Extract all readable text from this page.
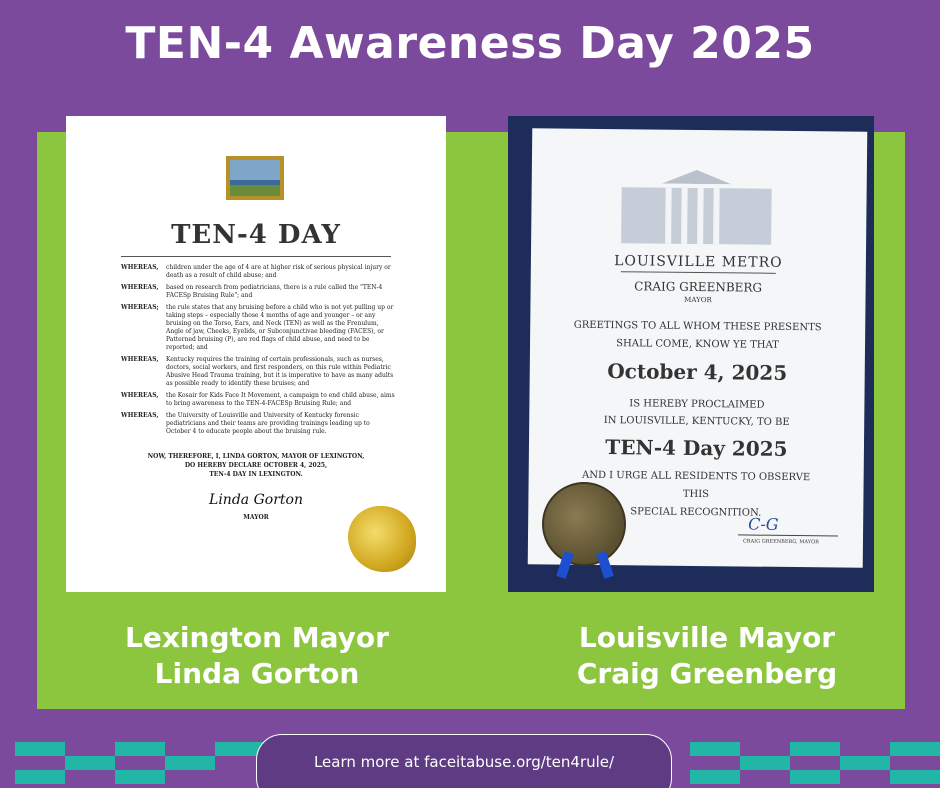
TEN-4 Awareness Day 2025
TEN-4 DAY
WHEREAS,	children under the age of 4 are at higher risk of serious physical injury or death as a result of child abuse; and
WHEREAS,	based on research from pediatricians, there is a rule called the "TEN-4 FACESp Bruising Rule"; and
WHEREAS;	the rule states that any bruising before a child who is not yet pulling up or taking steps – especially those 4 months of age and younger – or any bruising on the Torso, Ears, and Neck (TEN) as well as the Frenulum, Angle of jaw, Cheeks, Eyelids, or Subconjunctivae bleeding (FACES), or Patterned bruising (P), are red flags of child abuse, and need to be reported; and
WHEREAS,	Kentucky requires the training of certain professionals, such as nurses, doctors, social workers, and first responders, on this rule within Pediatric Abusive Head Trauma training, but it is imperative to have as many adults as possible ready to identify these bruises; and
WHEREAS,	the Kosair for Kids Face It Movement, a campaign to end child abuse, aims to bring awareness to the TEN-4-FACESp Bruising Rule; and
WHEREAS,	the University of Louisville and University of Kentucky forensic pediatricians and their teams are providing trainings leading up to October 4 to educate people about the bruising rule.
NOW, THEREFORE, I, LINDA GORTON, MAYOR OF LEXINGTON,
DO HEREBY DECLARE OCTOBER 4, 2025,
TEN-4 DAY IN LEXINGTON.
Linda Gorton
MAYOR
LOUISVILLE METRO
CRAIG GREENBERG
MAYOR
GREETINGS TO ALL WHOM THESE PRESENTS
SHALL COME, KNOW YE THAT
October 4, 2025
IS HEREBY PROCLAIMED
IN LOUISVILLE, KENTUCKY, TO BE
TEN-4 Day 2025
AND I URGE ALL RESIDENTS TO OBSERVE THIS
SPECIAL RECOGNITION.
C-G
CRAIG GREENBERG, MAYOR
Lexington Mayor
Linda Gorton
Louisville Mayor
Craig Greenberg
Learn more at faceitabuse.org/ten4rule/
